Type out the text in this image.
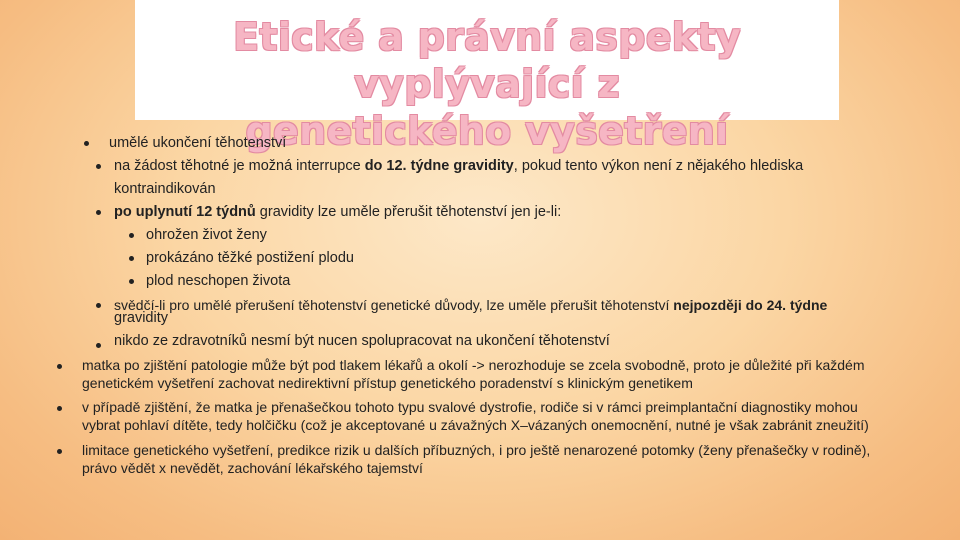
Etické a právní aspekty vyplývající z
genetického vyšetření
umělé ukončení těhotenství
na žádost těhotné je možná interrupce do 12. týdne gravidity, pokud tento výkon není z nějakého hlediska
kontraindikován
po uplynutí 12 týdnů gravidity lze uměle přerušit těhotenství jen je-li:
ohrožen život ženy
prokázáno těžké postižení plodu
plod neschopen života
svědčí-li pro umělé přerušení těhotenství genetické důvody, lze uměle přerušit těhotenství nejpozději do 24. týdne
gravidity
nikdo ze zdravotníků nesmí být nucen spolupracovat na ukončení těhotenství
matka po zjištění patologie může být pod tlakem lékařů a okolí -> nerozhoduje se zcela svobodně, proto je důležité při každém
genetickém vyšetření zachovat nedirektivní přístup genetického poradenství s klinickým genetikem
v případě zjištění, že matka je přenašečkou tohoto typu svalové dystrofie, rodiče si v rámci preimplantační diagnostiky mohou
vybrat pohlaví dítěte, tedy holčičku (což je akceptované u závažných X–vázaných onemocnění, nutné je však zabránit zneužití)
limitace genetického vyšetření, predikce rizik u dalších příbuzných, i pro ještě nenarozené potomky (ženy přenašečky v rodině),
právo vědět x nevědět, zachování lékařského tajemství
